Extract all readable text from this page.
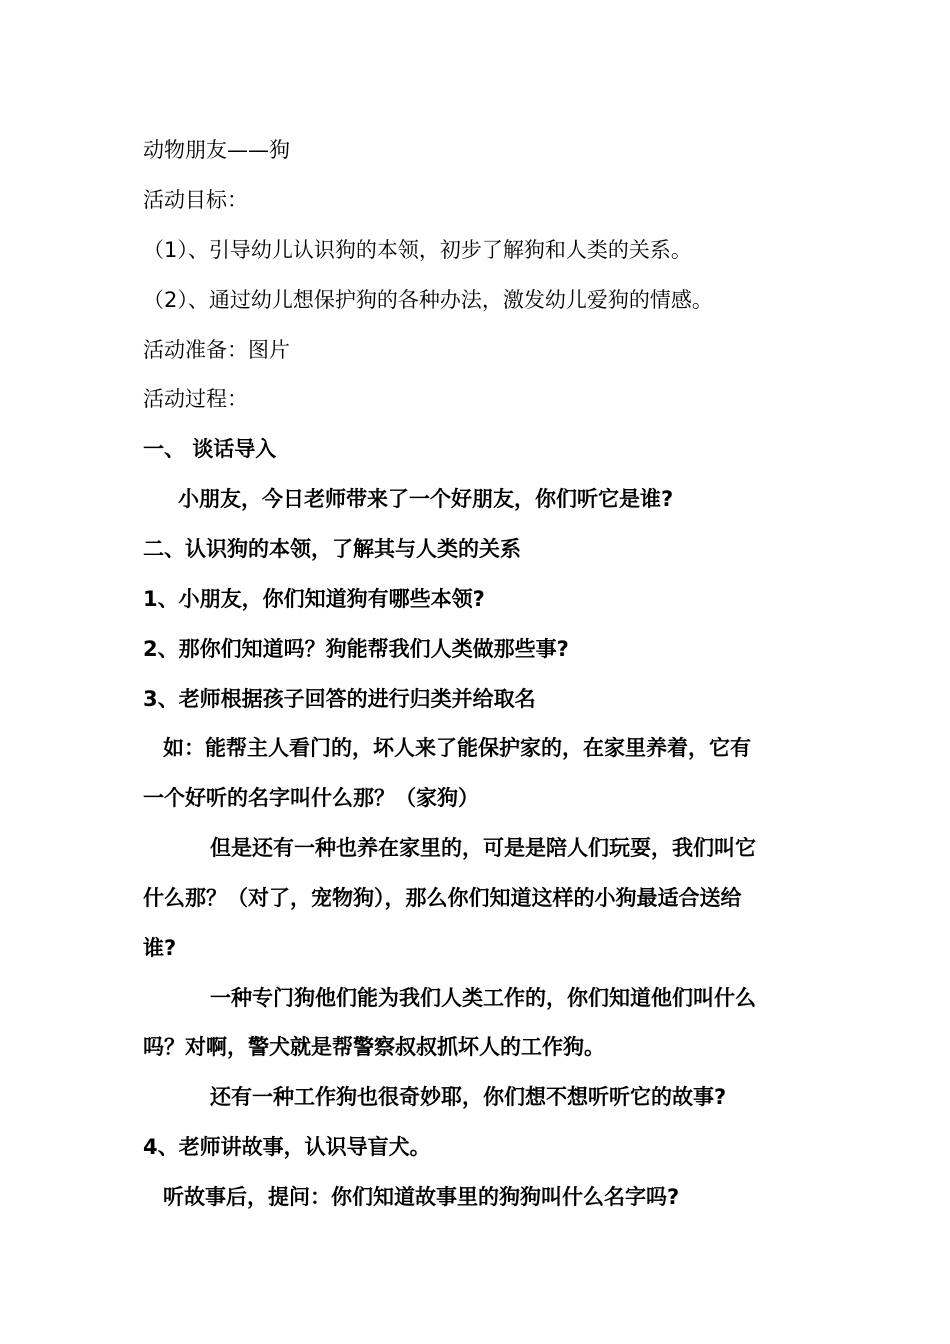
动物朋友——狗
活动目标：
（1）、引导幼儿认识狗的本领，初步了解狗和人类的关系。
（2）、通过幼儿想保护狗的各种办法，激发幼儿爱狗的情感。
活动准备：图片
活动过程：
一、 谈话导入
小朋友，今日老师带来了一个好朋友，你们听它是谁?
二、认识狗的本领，了解其与人类的关系
1、小朋友，你们知道狗有哪些本领?
2、那你们知道吗？狗能帮我们人类做那些事?
3、老师根据孩子回答的进行归类并给取名
如：能帮主人看门的，坏人来了能保护家的，在家里养着，它有
一个好听的名字叫什么那？（家狗）
但是还有一种也养在家里的，可是是陪人们玩耍，我们叫它
什么那？（对了，宠物狗），那么你们知道这样的小狗最适合送给
谁?
一种专门狗他们能为我们人类工作的，你们知道他们叫什么
吗？对啊，警犬就是帮警察叔叔抓坏人的工作狗。
还有一种工作狗也很奇妙耶，你们想不想听听它的故事?
4、老师讲故事，认识导盲犬。
听故事后，提问：你们知道故事里的狗狗叫什么名字吗?
